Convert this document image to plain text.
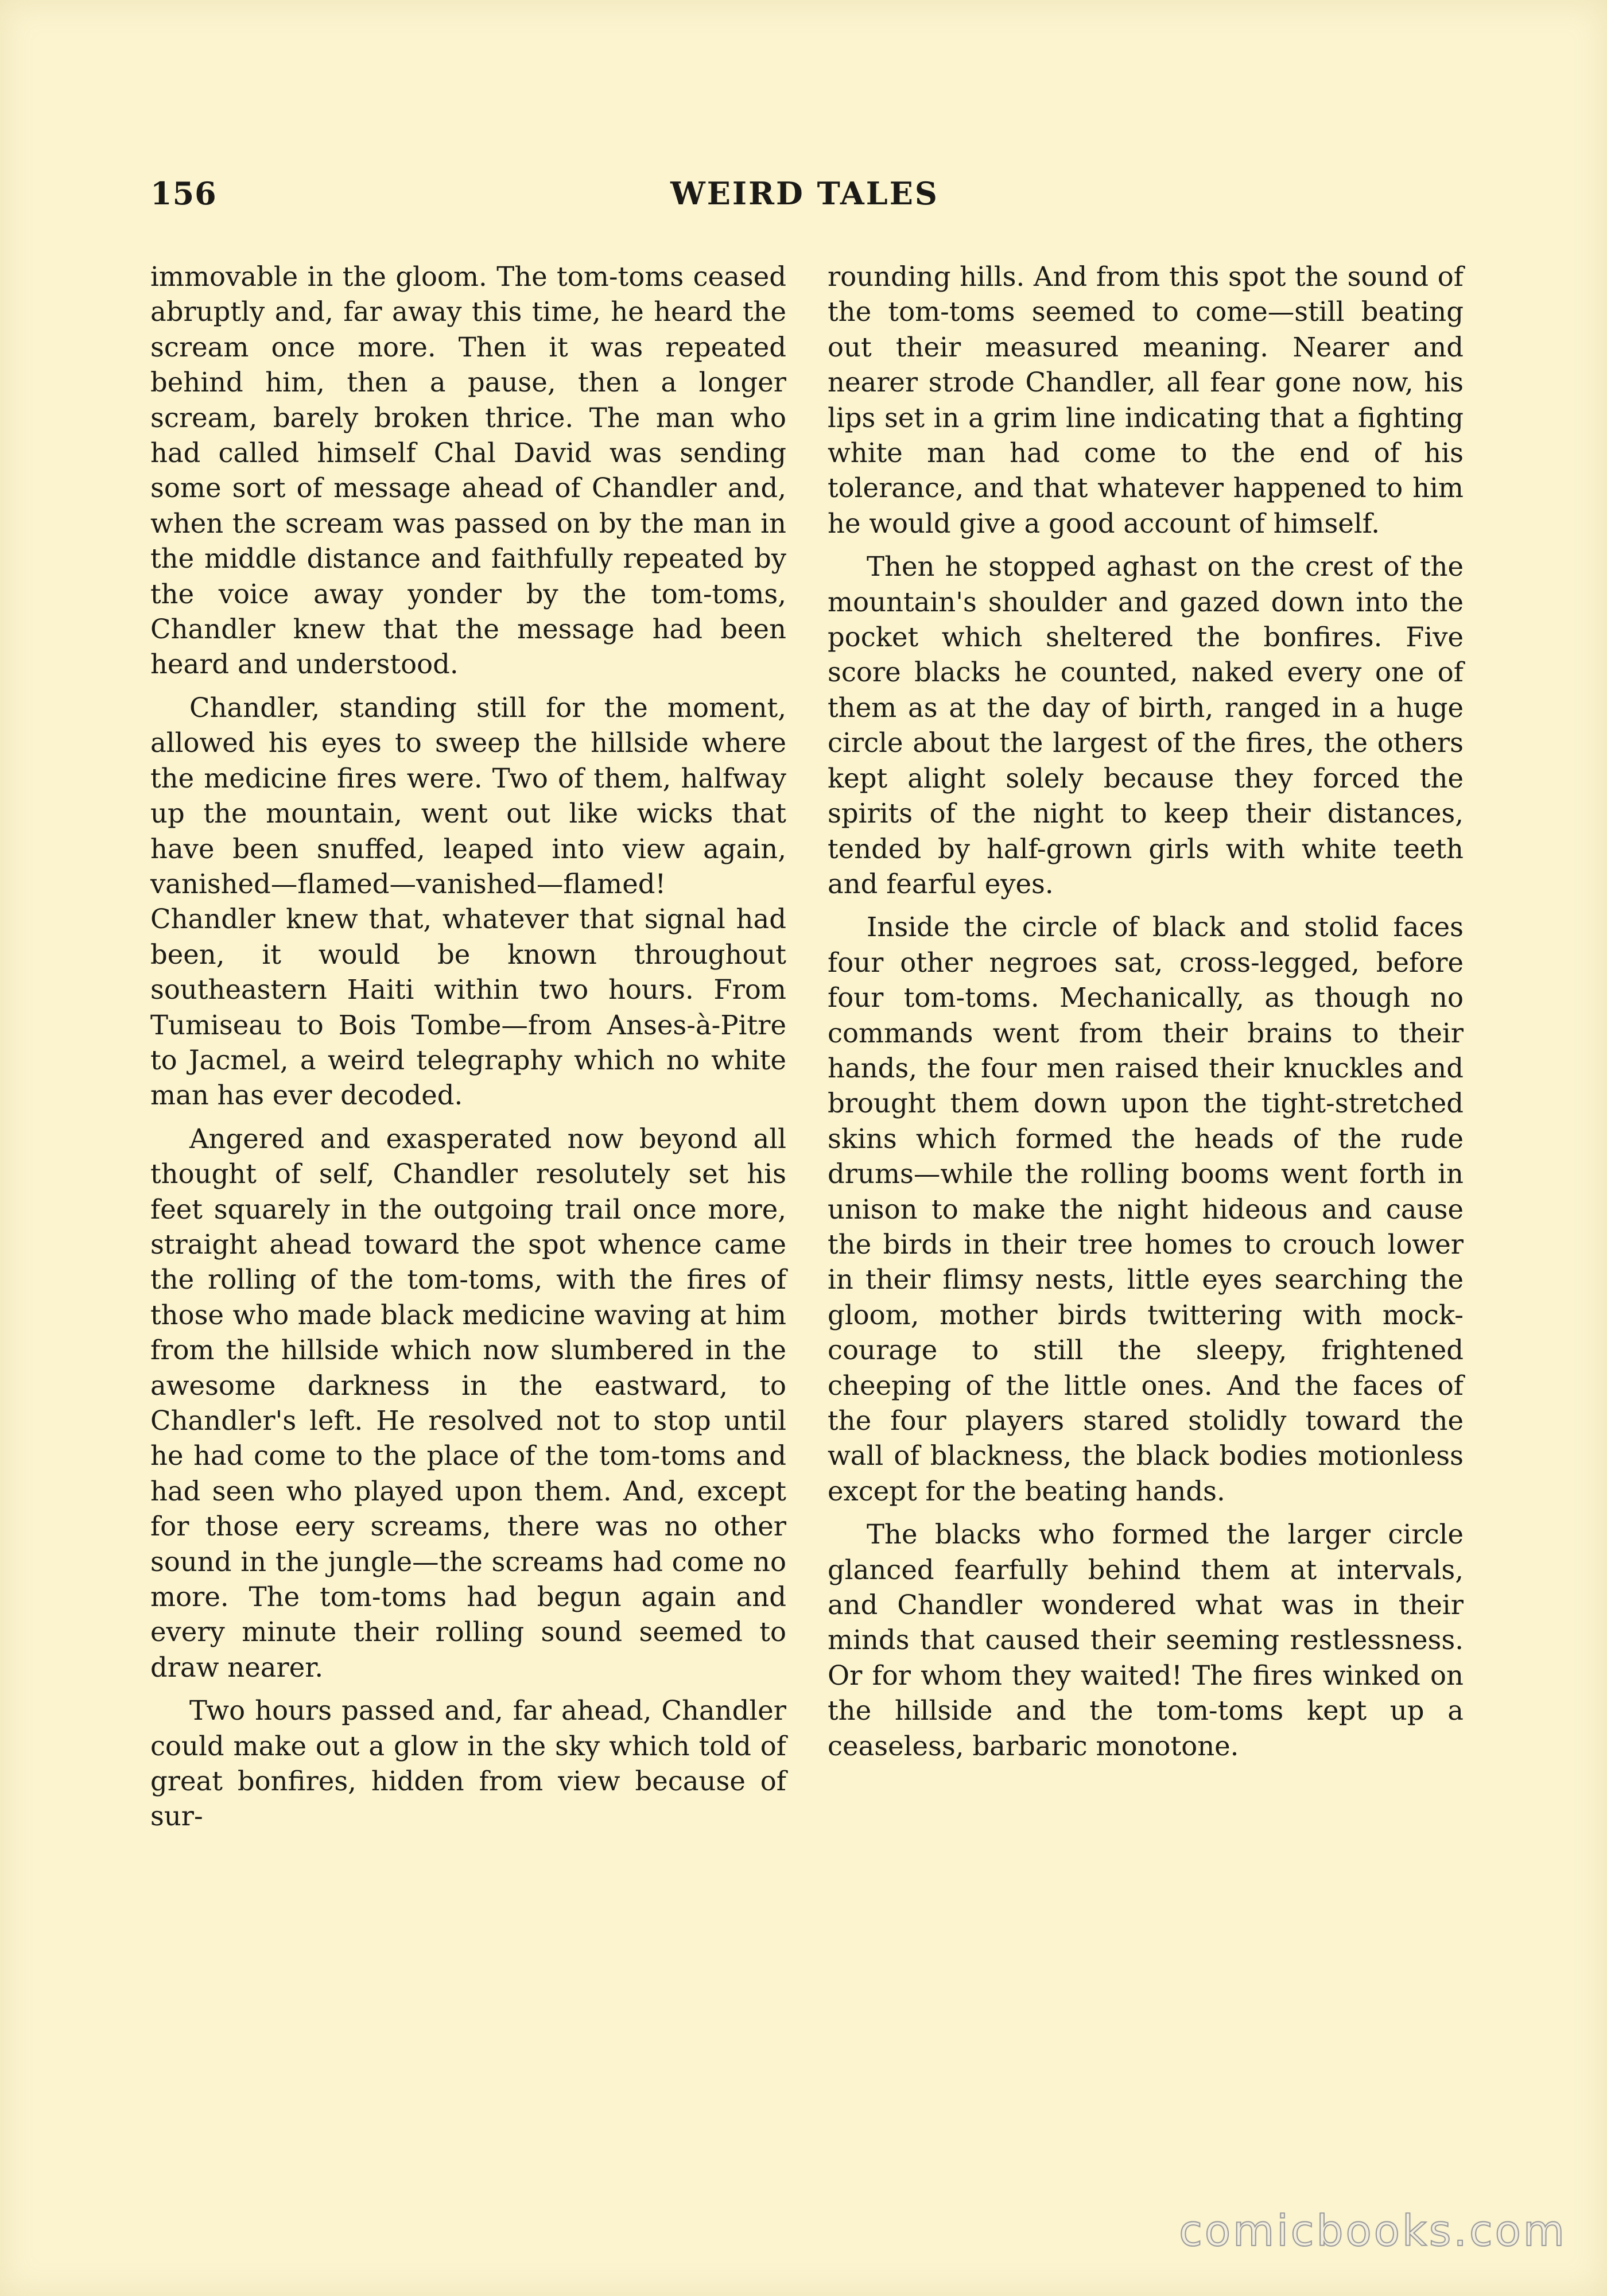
156	WEIRD TALES

immovable in the gloom. The tom-toms ceased abruptly and, far away this time, he heard the scream once more. Then it was repeated behind him, then a pause, then a longer scream, barely broken thrice. The man who had called himself Chal David was sending some sort of message ahead of Chandler and, when the scream was passed on by the man in the middle distance and faithfully repeated by the voice away yonder by the tom-toms, Chandler knew that the message had been heard and understood.

Chandler, standing still for the moment, allowed his eyes to sweep the hillside where the medicine fires were. Two of them, halfway up the mountain, went out like wicks that have been snuffed, leaped into view again, vanished—flamed—vanished—flamed! Chandler knew that, whatever that signal had been, it would be known throughout southeastern Haiti within two hours. From Tumiseau to Bois Tombe—from Anses-à-Pitre to Jacmel, a weird telegraphy which no white man has ever decoded.

Angered and exasperated now beyond all thought of self, Chandler resolutely set his feet squarely in the outgoing trail once more, straight ahead toward the spot whence came the rolling of the tom-toms, with the fires of those who made black medicine waving at him from the hillside which now slumbered in the awesome darkness in the eastward, to Chandler's left. He resolved not to stop until he had come to the place of the tom-toms and had seen who played upon them. And, except for those eery screams, there was no other sound in the jungle—the screams had come no more. The tom-toms had begun again and every minute their rolling sound seemed to draw nearer.

Two hours passed and, far ahead, Chandler could make out a glow in the sky which told of great bonfires, hidden from view because of sur-

rounding hills. And from this spot the sound of the tom-toms seemed to come—still beating out their measured meaning. Nearer and nearer strode Chandler, all fear gone now, his lips set in a grim line indicating that a fighting white man had come to the end of his tolerance, and that whatever happened to him he would give a good account of himself.

Then he stopped aghast on the crest of the mountain's shoulder and gazed down into the pocket which sheltered the bonfires. Five score blacks he counted, naked every one of them as at the day of birth, ranged in a huge circle about the largest of the fires, the others kept alight solely because they forced the spirits of the night to keep their distances, tended by half-grown girls with white teeth and fearful eyes.

Inside the circle of black and stolid faces four other negroes sat, cross-legged, before four tom-toms. Mechanically, as though no commands went from their brains to their hands, the four men raised their knuckles and brought them down upon the tight-stretched skins which formed the heads of the rude drums—while the rolling booms went forth in unison to make the night hideous and cause the birds in their tree homes to crouch lower in their flimsy nests, little eyes searching the gloom, mother birds twittering with mock-courage to still the sleepy, frightened cheeping of the little ones. And the faces of the four players stared stolidly toward the wall of blackness, the black bodies motionless except for the beating hands.

The blacks who formed the larger circle glanced fearfully behind them at intervals, and Chandler wondered what was in their minds that caused their seeming restlessness. Or for whom they waited! The fires winked on the hillside and the tom-toms kept up a ceaseless, barbaric monotone.

comicbooks.com
